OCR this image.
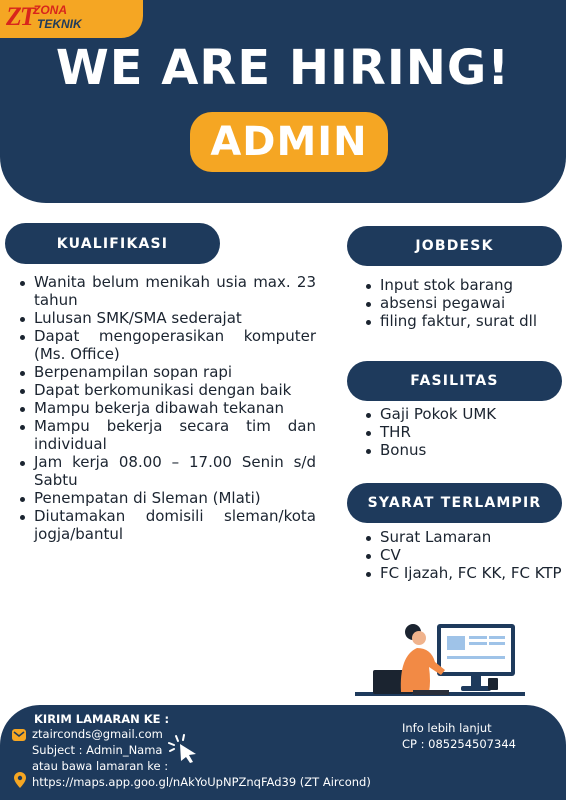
ZT ZONA
TEKNIK
WE ARE HIRING!
ADMIN
KUALIFIKASI
Wanita belum menikah usia max. 23 tahun
Lulusan SMK/SMA sederajat
Dapat mengoperasikan komputer (Ms. Office)
Berpenampilan sopan rapi
Dapat berkomunikasi dengan baik
Mampu bekerja dibawah tekanan
Mampu bekerja secara tim dan individual
Jam kerja 08.00 – 17.00 Senin s/d Sabtu
Penempatan di Sleman (Mlati)
Diutamakan domisili sleman/kota jogja/bantul
JOBDESK
Input stok barang
absensi pegawai
filing faktur, surat dll
FASILITAS
Gaji Pokok UMK
THR
Bonus
SYARAT TERLAMPIR
Surat Lamaran
CV
FC Ijazah, FC KK, FC KTP
KIRIM LAMARAN KE :
ztairconds@gmail.com
Subject : Admin_Nama
atau bawa lamaran ke :
https://maps.app.goo.gl/nAkYoUpNPZnqFAd39 (ZT Aircond)
Info lebih lanjut
CP : 085254507344
